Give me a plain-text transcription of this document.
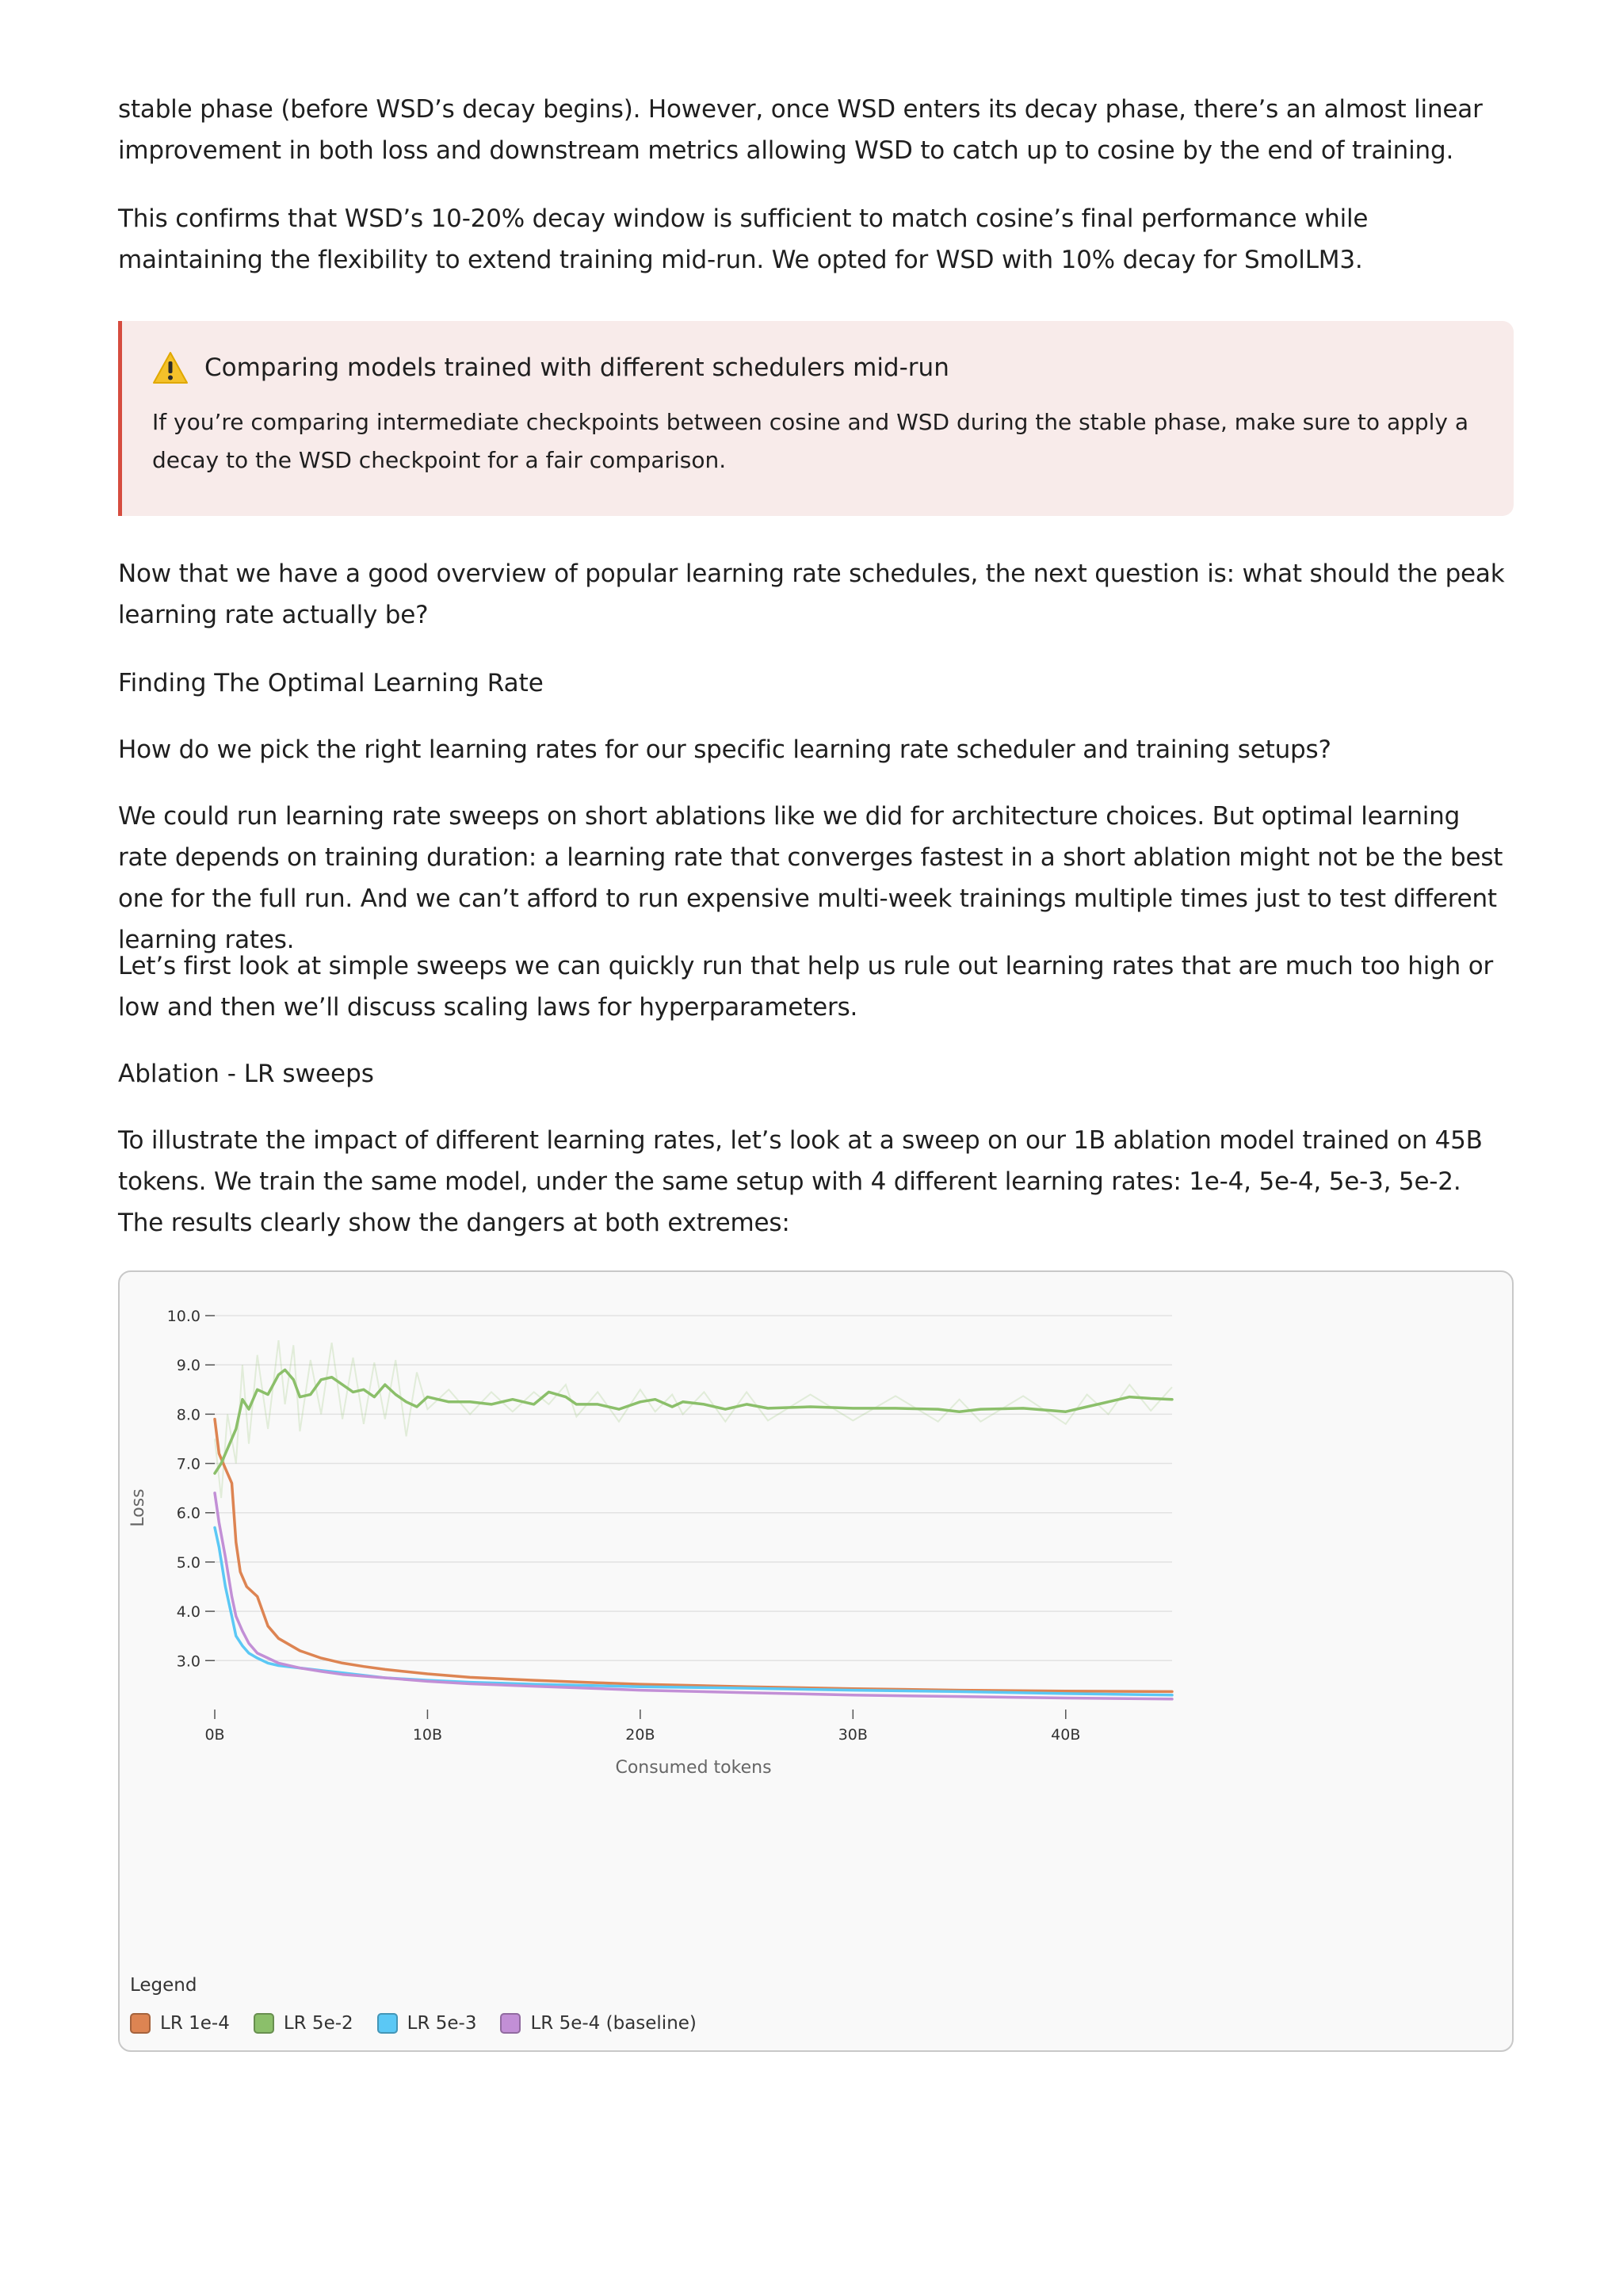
stable phase (before WSD’s decay begins). However, once WSD enters its decay phase, there’s an almost linear improvement in both loss and downstream metrics allowing WSD to catch up to cosine by the end of training.

This confirms that WSD’s 10-20% decay window is sufficient to match cosine’s final performance while maintaining the flexibility to extend training mid-run. We opted for WSD with 10% decay for SmolLM3.

Comparing models trained with different schedulers mid-run

If you’re comparing intermediate checkpoints between cosine and WSD during the stable phase, make sure to apply a decay to the WSD checkpoint for a fair comparison.

Now that we have a good overview of popular learning rate schedules, the next question is: what should the peak learning rate actually be?

Finding The Optimal Learning Rate

How do we pick the right learning rates for our specific learning rate scheduler and training setups?

We could run learning rate sweeps on short ablations like we did for architecture choices. But optimal learning rate depends on training duration: a learning rate that converges fastest in a short ablation might not be the best one for the full run. And we can’t afford to run expensive multi-week trainings multiple times just to test different learning rates.

Let’s first look at simple sweeps we can quickly run that help us rule out learning rates that are much too high or low and then we’ll discuss scaling laws for hyperparameters.

Ablation - LR sweeps

To illustrate the impact of different learning rates, let’s look at a sweep on our 1B ablation model trained on 45B tokens. We train the same model, under the same setup with 4 different learning rates: 1e-4, 5e-4, 5e-3, 5e-2. The results clearly show the dangers at both extremes:

3.0
4.0
5.0
6.0
7.0
8.0
9.0
10.0
0B	10B	20B	30B	40B
Consumed tokens
Loss
Legend
LR 1e-4	LR 5e-2	LR 5e-3	LR 5e-4 (baseline)
